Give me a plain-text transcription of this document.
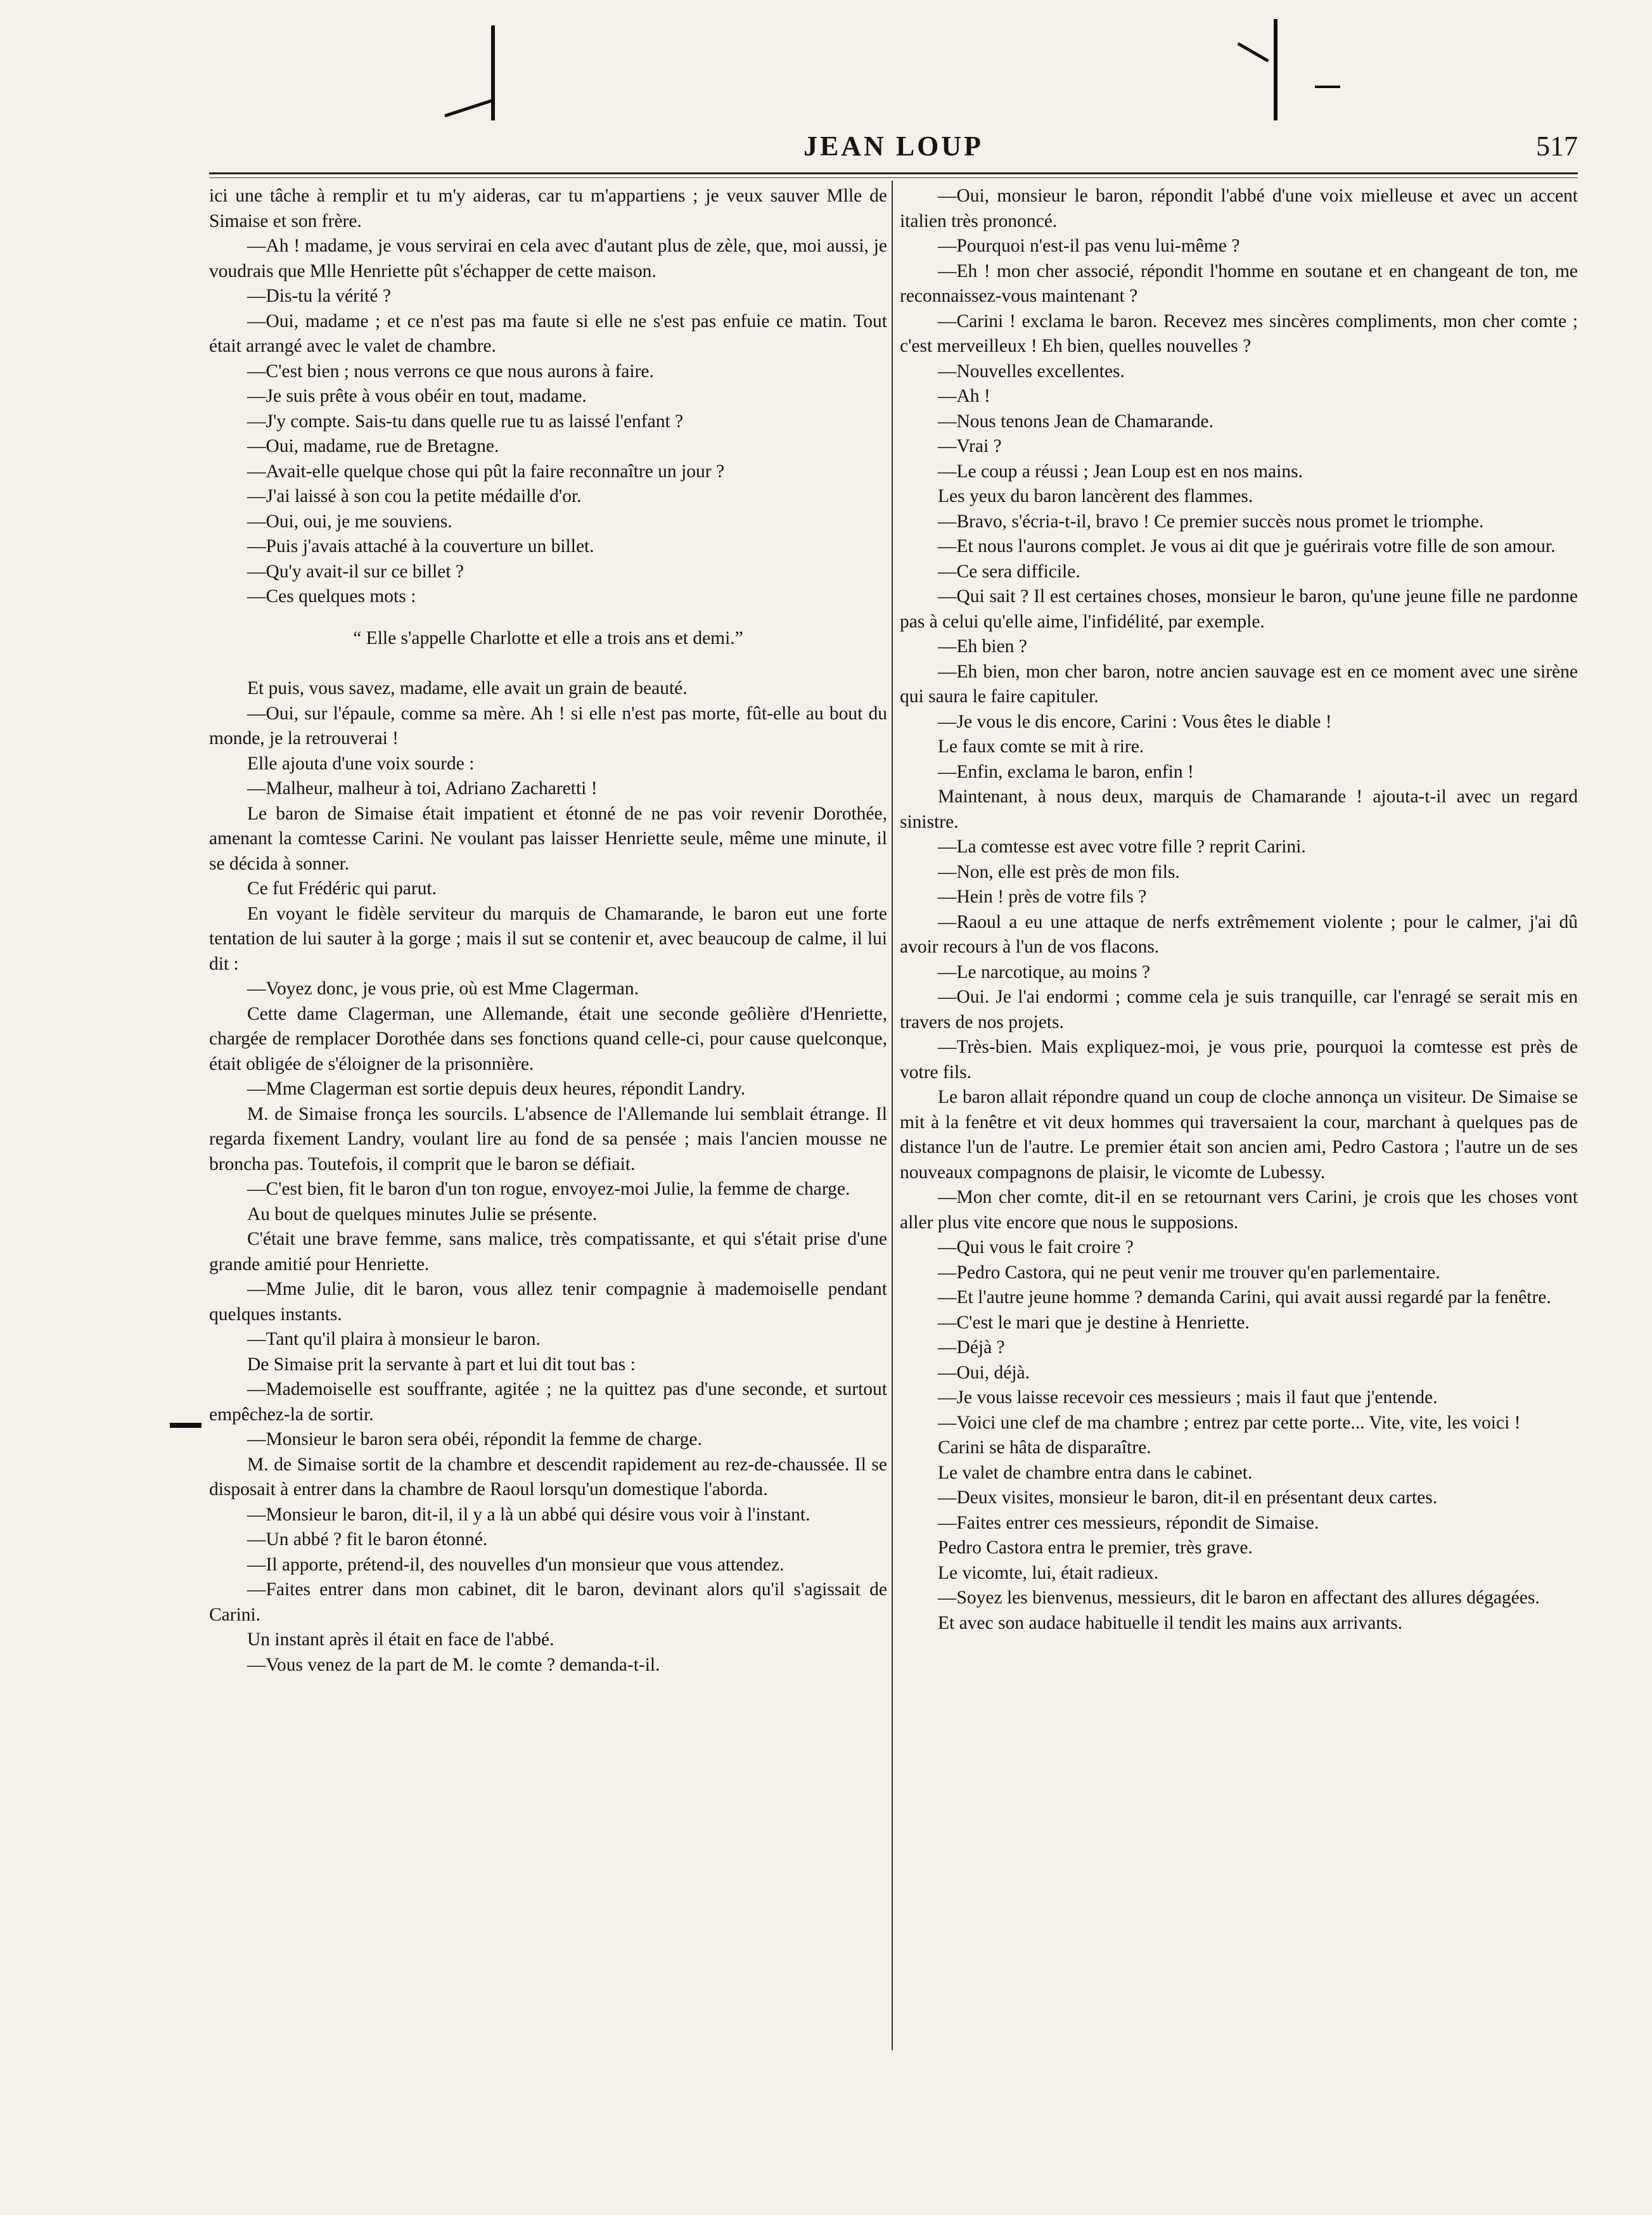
JEAN LOUP	517

ici une tâche à remplir et tu m'y aideras, car tu m'appartiens ; je veux sauver Mlle de Simaise et son frère.

—Ah ! madame, je vous servirai en cela avec d'autant plus de zèle, que, moi aussi, je voudrais que Mlle Henriette pût s'échapper de cette maison.

—Dis-tu la vérité ?

—Oui, madame ; et ce n'est pas ma faute si elle ne s'est pas enfuie ce matin. Tout était arrangé avec le valet de chambre.

—C'est bien ; nous verrons ce que nous aurons à faire.

—Je suis prête à vous obéir en tout, madame.

—J'y compte. Sais-tu dans quelle rue tu as laissé l'enfant ?

—Oui, madame, rue de Bretagne.

—Avait-elle quelque chose qui pût la faire reconnaître un jour ?

—J'ai laissé à son cou la petite médaille d'or.

—Oui, oui, je me souviens.

—Puis j'avais attaché à la couverture un billet.

—Qu'y avait-il sur ce billet ?

—Ces quelques mots :

“ Elle s'appelle Charlotte et elle a trois ans et demi.”

Et puis, vous savez, madame, elle avait un grain de beauté.

—Oui, sur l'épaule, comme sa mère. Ah ! si elle n'est pas morte, fût-elle au bout du monde, je la retrouverai !

Elle ajouta d'une voix sourde :

—Malheur, malheur à toi, Adriano Zacharetti !

Le baron de Simaise était impatient et étonné de ne pas voir revenir Dorothée, amenant la comtesse Carini. Ne voulant pas laisser Henriette seule, même une minute, il se décida à sonner.

Ce fut Frédéric qui parut.

En voyant le fidèle serviteur du marquis de Chamarande, le baron eut une forte tentation de lui sauter à la gorge ; mais il sut se contenir et, avec beaucoup de calme, il lui dit :

—Voyez donc, je vous prie, où est Mme Clagerman.

Cette dame Clagerman, une Allemande, était une seconde geôlière d'Henriette, chargée de remplacer Dorothée dans ses fonctions quand celle-ci, pour cause quelconque, était obligée de s'éloigner de la prisonnière.

—Mme Clagerman est sortie depuis deux heures, répondit Landry.

M. de Simaise fronça les sourcils. L'absence de l'Allemande lui semblait étrange. Il regarda fixement Landry, voulant lire au fond de sa pensée ; mais l'ancien mousse ne broncha pas. Toutefois, il comprit que le baron se défiait.

—C'est bien, fit le baron d'un ton rogue, envoyez-moi Julie, la femme de charge.

Au bout de quelques minutes Julie se présente.

C'était une brave femme, sans malice, très compatissante, et qui s'était prise d'une grande amitié pour Henriette.

—Mme Julie, dit le baron, vous allez tenir compagnie à mademoiselle pendant quelques instants.

—Tant qu'il plaira à monsieur le baron.

De Simaise prit la servante à part et lui dit tout bas :

—Mademoiselle est souffrante, agitée ; ne la quittez pas d'une seconde, et surtout empêchez-la de sortir.

—Monsieur le baron sera obéi, répondit la femme de charge.

M. de Simaise sortit de la chambre et descendit rapidement au rez-de-chaussée. Il se disposait à entrer dans la chambre de Raoul lorsqu'un domestique l'aborda.

—Monsieur le baron, dit-il, il y a là un abbé qui désire vous voir à l'instant.

—Un abbé ? fit le baron étonné.

—Il apporte, prétend-il, des nouvelles d'un monsieur que vous attendez.

—Faites entrer dans mon cabinet, dit le baron, devinant alors qu'il s'agissait de Carini.

Un instant après il était en face de l'abbé.

—Vous venez de la part de M. le comte ? demanda-t-il.

—Oui, monsieur le baron, répondit l'abbé d'une voix mielleuse et avec un accent italien très prononcé.

—Pourquoi n'est-il pas venu lui-même ?

—Eh ! mon cher associé, répondit l'homme en soutane et en changeant de ton, me reconnaissez-vous maintenant ?

—Carini ! exclama le baron. Recevez mes sincères compliments, mon cher comte ; c'est merveilleux ! Eh bien, quelles nouvelles ?

—Nouvelles excellentes.

—Ah !

—Nous tenons Jean de Chamarande.

—Vrai ?

—Le coup a réussi ; Jean Loup est en nos mains.

Les yeux du baron lancèrent des flammes.

—Bravo, s'écria-t-il, bravo ! Ce premier succès nous promet le triomphe.

—Et nous l'aurons complet. Je vous ai dit que je guérirais votre fille de son amour.

—Ce sera difficile.

—Qui sait ? Il est certaines choses, monsieur le baron, qu'une jeune fille ne pardonne pas à celui qu'elle aime, l'infidélité, par exemple.

—Eh bien ?

—Eh bien, mon cher baron, notre ancien sauvage est en ce moment avec une sirène qui saura le faire capituler.

—Je vous le dis encore, Carini : Vous êtes le diable !

Le faux comte se mit à rire.

—Enfin, exclama le baron, enfin !

Maintenant, à nous deux, marquis de Chamarande ! ajouta-t-il avec un regard sinistre.

—La comtesse est avec votre fille ? reprit Carini.

—Non, elle est près de mon fils.

—Hein ! près de votre fils ?

—Raoul a eu une attaque de nerfs extrêmement violente ; pour le calmer, j'ai dû avoir recours à l'un de vos flacons.

—Le narcotique, au moins ?

—Oui. Je l'ai endormi ; comme cela je suis tranquille, car l'enragé se serait mis en travers de nos projets.

—Très-bien. Mais expliquez-moi, je vous prie, pourquoi la comtesse est près de votre fils.

Le baron allait répondre quand un coup de cloche annonça un visiteur. De Simaise se mit à la fenêtre et vit deux hommes qui traversaient la cour, marchant à quelques pas de distance l'un de l'autre. Le premier était son ancien ami, Pedro Castora ; l'autre un de ses nouveaux compagnons de plaisir, le vicomte de Lubessy.

—Mon cher comte, dit-il en se retournant vers Carini, je crois que les choses vont aller plus vite encore que nous le supposions.

—Qui vous le fait croire ?

—Pedro Castora, qui ne peut venir me trouver qu'en parlementaire.

—Et l'autre jeune homme ? demanda Carini, qui avait aussi regardé par la fenêtre.

—C'est le mari que je destine à Henriette.

—Déjà ?

—Oui, déjà.

—Je vous laisse recevoir ces messieurs ; mais il faut que j'entende.

—Voici une clef de ma chambre ; entrez par cette porte... Vite, vite, les voici !

Carini se hâta de disparaître.

Le valet de chambre entra dans le cabinet.

—Deux visites, monsieur le baron, dit-il en présentant deux cartes.

—Faites entrer ces messieurs, répondit de Simaise.

Pedro Castora entra le premier, très grave.

Le vicomte, lui, était radieux.

—Soyez les bienvenus, messieurs, dit le baron en affectant des allures dégagées.

Et avec son audace habituelle il tendit les mains aux arrivants.
